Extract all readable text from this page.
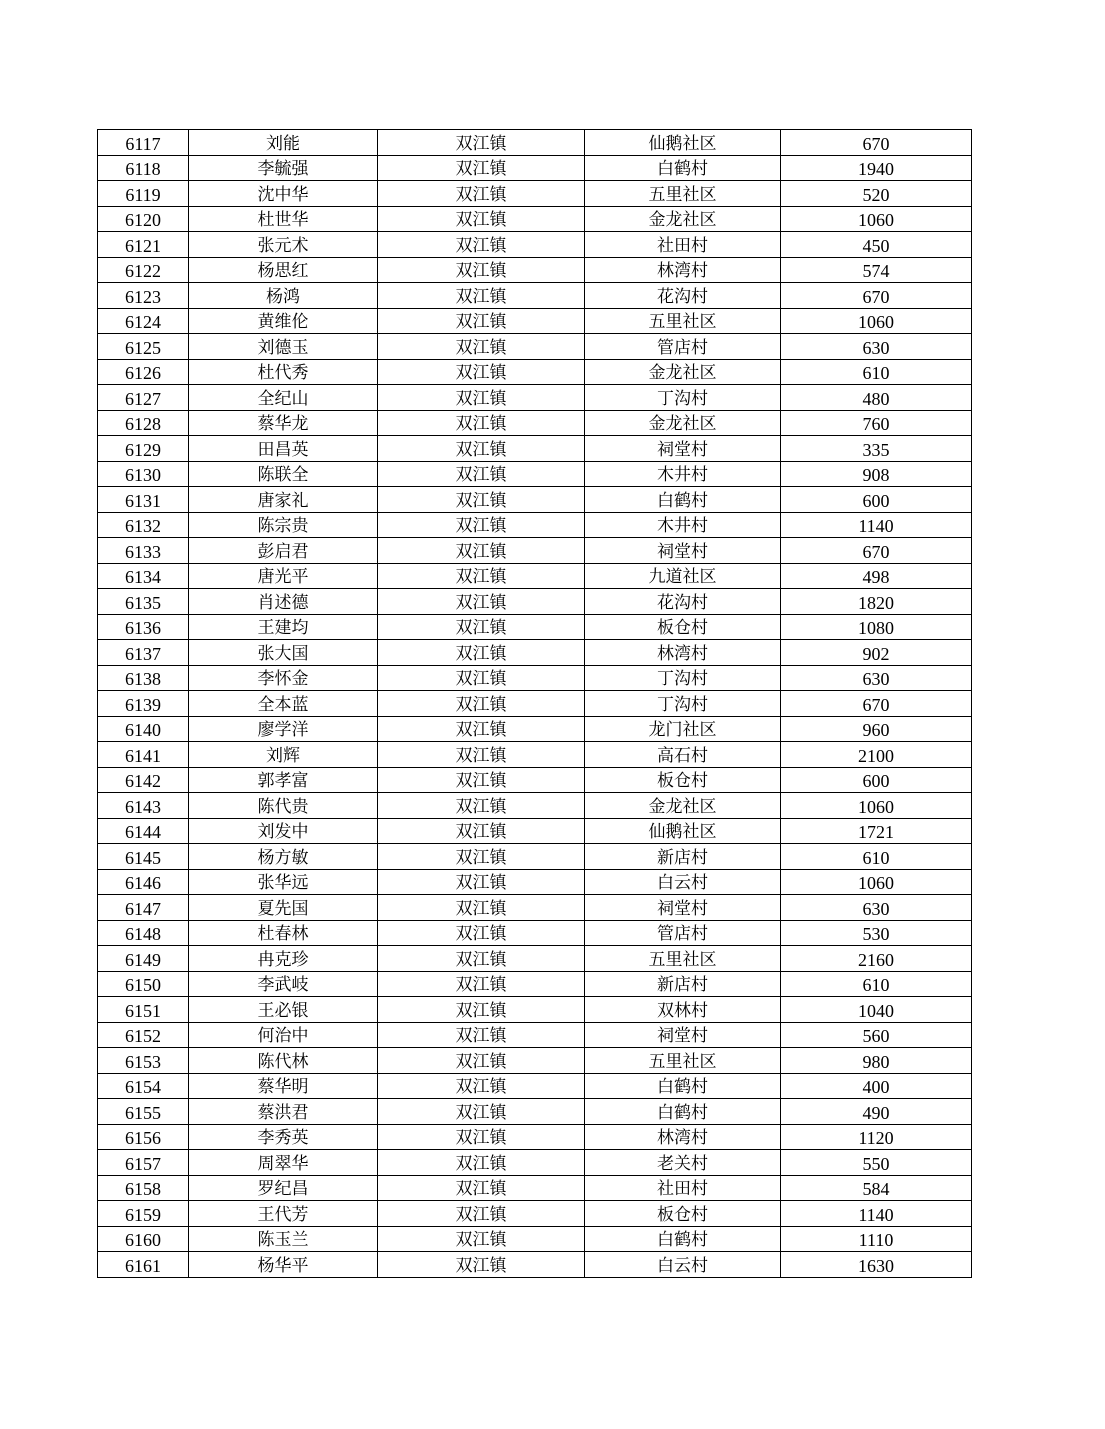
6117	刘能	双江镇	仙鹅社区	670
6118	李毓强	双江镇	白鹤村	1940
6119	沈中华	双江镇	五里社区	520
6120	杜世华	双江镇	金龙社区	1060
6121	张元术	双江镇	社田村	450
6122	杨思红	双江镇	林湾村	574
6123	杨鸿	双江镇	花沟村	670
6124	黄维伦	双江镇	五里社区	1060
6125	刘德玉	双江镇	管店村	630
6126	杜代秀	双江镇	金龙社区	610
6127	全纪山	双江镇	丁沟村	480
6128	蔡华龙	双江镇	金龙社区	760
6129	田昌英	双江镇	祠堂村	335
6130	陈联全	双江镇	木井村	908
6131	唐家礼	双江镇	白鹤村	600
6132	陈宗贵	双江镇	木井村	1140
6133	彭启君	双江镇	祠堂村	670
6134	唐光平	双江镇	九道社区	498
6135	肖述德	双江镇	花沟村	1820
6136	王建均	双江镇	板仓村	1080
6137	张大国	双江镇	林湾村	902
6138	李怀金	双江镇	丁沟村	630
6139	全本蓝	双江镇	丁沟村	670
6140	廖学洋	双江镇	龙门社区	960
6141	刘辉	双江镇	高石村	2100
6142	郭孝富	双江镇	板仓村	600
6143	陈代贵	双江镇	金龙社区	1060
6144	刘发中	双江镇	仙鹅社区	1721
6145	杨方敏	双江镇	新店村	610
6146	张华远	双江镇	白云村	1060
6147	夏先国	双江镇	祠堂村	630
6148	杜春林	双江镇	管店村	530
6149	冉克珍	双江镇	五里社区	2160
6150	李武岐	双江镇	新店村	610
6151	王必银	双江镇	双林村	1040
6152	何治中	双江镇	祠堂村	560
6153	陈代林	双江镇	五里社区	980
6154	蔡华明	双江镇	白鹤村	400
6155	蔡洪君	双江镇	白鹤村	490
6156	李秀英	双江镇	林湾村	1120
6157	周翠华	双江镇	老关村	550
6158	罗纪昌	双江镇	社田村	584
6159	王代芳	双江镇	板仓村	1140
6160	陈玉兰	双江镇	白鹤村	1110
6161	杨华平	双江镇	白云村	1630
